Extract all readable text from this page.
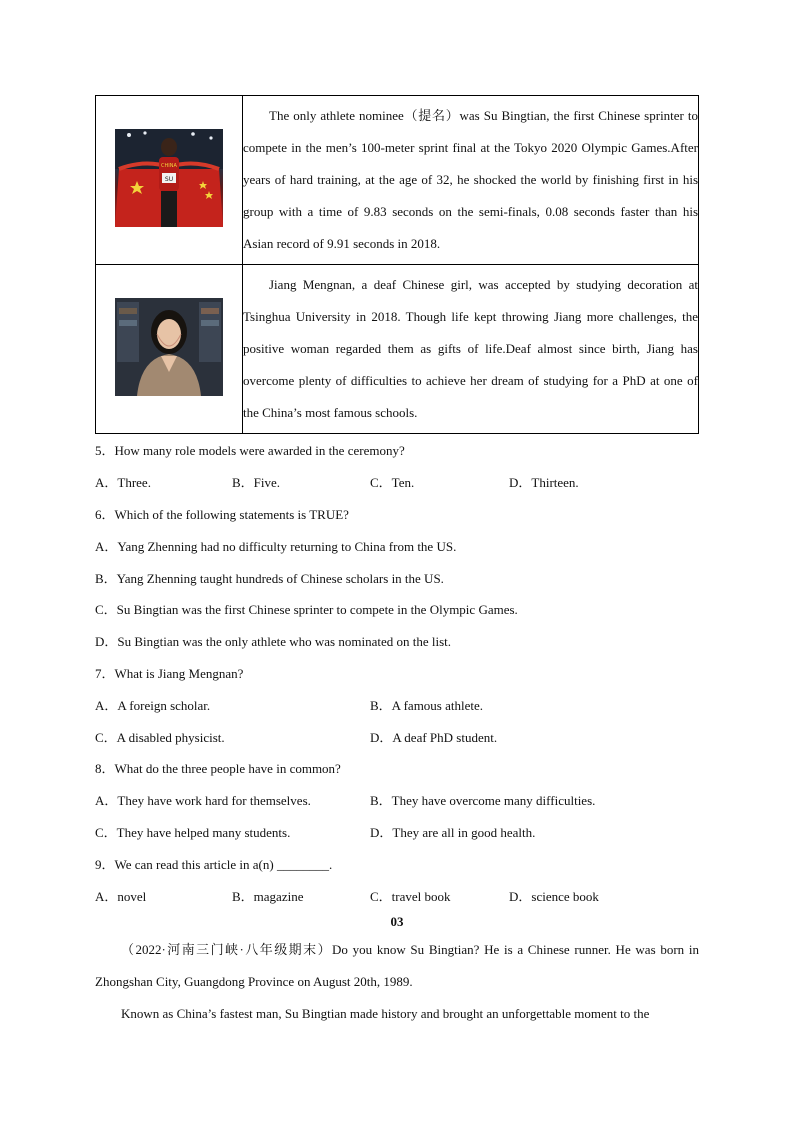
SU
CHINA	The only athlete nominee（提名）was Su Bingtian, the first Chinese sprinter to compete in the men’s 100-meter sprint final at the Tokyo 2020 Olympic Games.After years of hard training, at the age of 32, he shocked the world by finishing first in his group with a time of 9.83 seconds on the semi-finals, 0.08 seconds faster than his Asian record of 9.91 seconds in 2018.

Jiang Mengnan, a deaf Chinese girl, was accepted by studying decoration at Tsinghua University in 2018. Though life kept throwing Jiang more challenges, the positive woman regarded them as gifts of life.Deaf almost since birth, Jiang has overcome plenty of difficulties to achieve her dream of studying for a PhD at one of the China’s most famous schools.
5．How many role models were awarded in the ceremony?
A．Three.	B．Five.	C．Ten.	D．Thirteen.
6．Which of the following statements is TRUE?
A．Yang Zhenning had no difficulty returning to China from the US.
B．Yang Zhenning taught hundreds of Chinese scholars in the US.
C．Su Bingtian was the first Chinese sprinter to compete in the Olympic Games.
D．Su Bingtian was the only athlete who was nominated on the list.
7．What is Jiang Mengnan?
A．A foreign scholar.	B．A famous athlete.
C．A disabled physicist.	D．A deaf PhD student.
8．What do the three people have in common?
A．They have work hard for themselves.	B．They have overcome many difficulties.
C．They have helped many students.	D．They are all in good health.
9．We can read this article in a(n) ________.
A．novel	B．magazine	C．travel book	D．science book
03
（2022·河南三门峡·八年级期末）Do you know Su Bingtian? He is a Chinese runner. He was born in Zhongshan City, Guangdong Province on August 20th, 1989.
Known as China’s fastest man, Su Bingtian made history and brought an unforgettable moment to the
